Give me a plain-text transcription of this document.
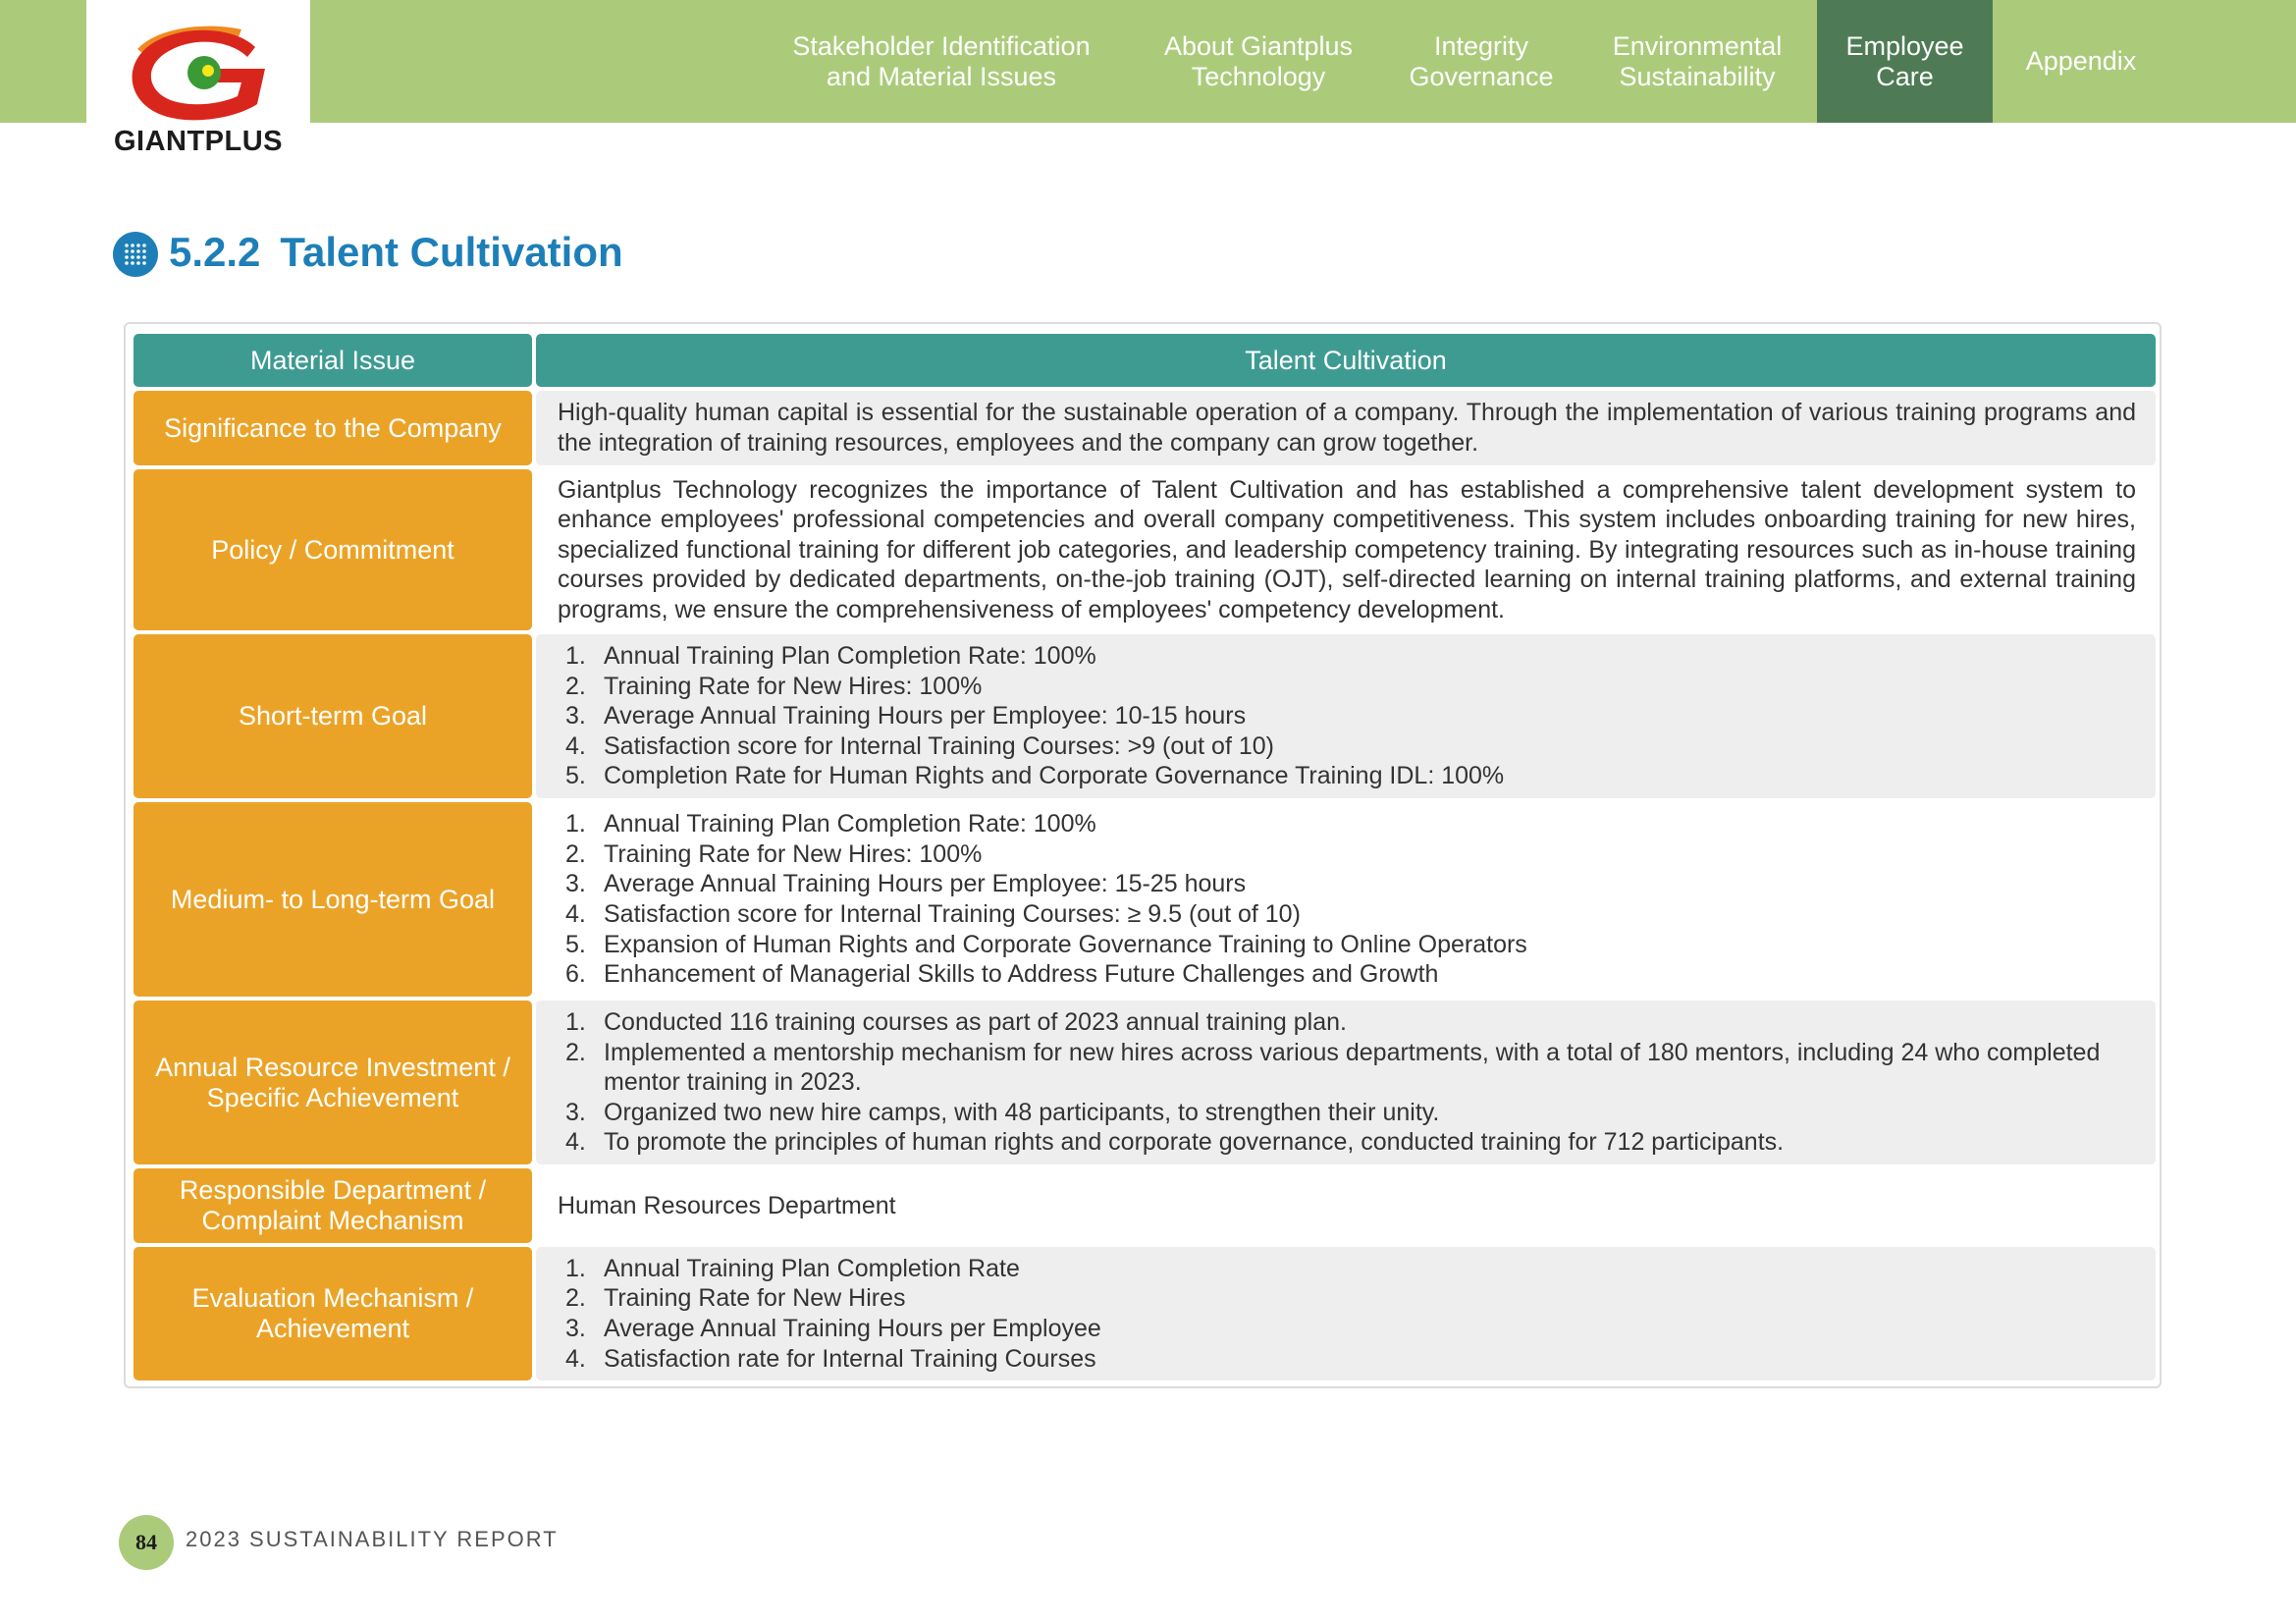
GIANTPLUS
Stakeholder Identification
and Material Issues
About Giantplus
Technology
Integrity
Governance
Environmental
Sustainability
Employee
Care
Appendix
5.2.2 Talent Cultivation
Material Issue	Talent Cultivation
Significance to the Company

High-quality human capital is essential for the sustainable operation of a company. Through the implementation of various training programs and the integration of training resources, employees and the company can grow together.

Policy / Commitment

Giantplus Technology recognizes the importance of Talent Cultivation and has established a comprehensive talent development system to enhance employees' professional competencies and overall company competitiveness. This system includes onboarding training for new hires, specialized functional training for different job categories, and leadership competency training. By integrating resources such as in-house training courses provided by dedicated departments, on-the-job training (OJT), self-directed learning on internal training platforms, and external training programs, we ensure the comprehensiveness of employees' competency development.

Short-term Goal
1. Annual Training Plan Completion Rate: 100%
2. Training Rate for New Hires: 100%
3. Average Annual Training Hours per Employee: 10-15 hours
4. Satisfaction score for Internal Training Courses: >9 (out of 10)
5. Completion Rate for Human Rights and Corporate Governance Training IDL: 100%
Medium- to Long-term Goal
1. Annual Training Plan Completion Rate: 100%
2. Training Rate for New Hires: 100%
3. Average Annual Training Hours per Employee: 15-25 hours
4. Satisfaction score for Internal Training Courses: ≥ 9.5 (out of 10)
5. Expansion of Human Rights and Corporate Governance Training to Online Operators
6. Enhancement of Managerial Skills to Address Future Challenges and Growth
Annual Resource Investment /
Specific Achievement
1. Conducted 116 training courses as part of 2023 annual training plan.
2. Implemented a mentorship mechanism for new hires across various departments, with a total of 180 mentors, including 24 who completed mentor training in 2023.
3. Organized two new hire camps, with 48 participants, to strengthen their unity.
4. To promote the principles of human rights and corporate governance, conducted training for 712 participants.
Responsible Department /
Complaint Mechanism

Human Resources Department

Evaluation Mechanism /
Achievement
1. Annual Training Plan Completion Rate
2. Training Rate for New Hires
3. Average Annual Training Hours per Employee
4. Satisfaction rate for Internal Training Courses
84	2023 SUSTAINABILITY REPORT
